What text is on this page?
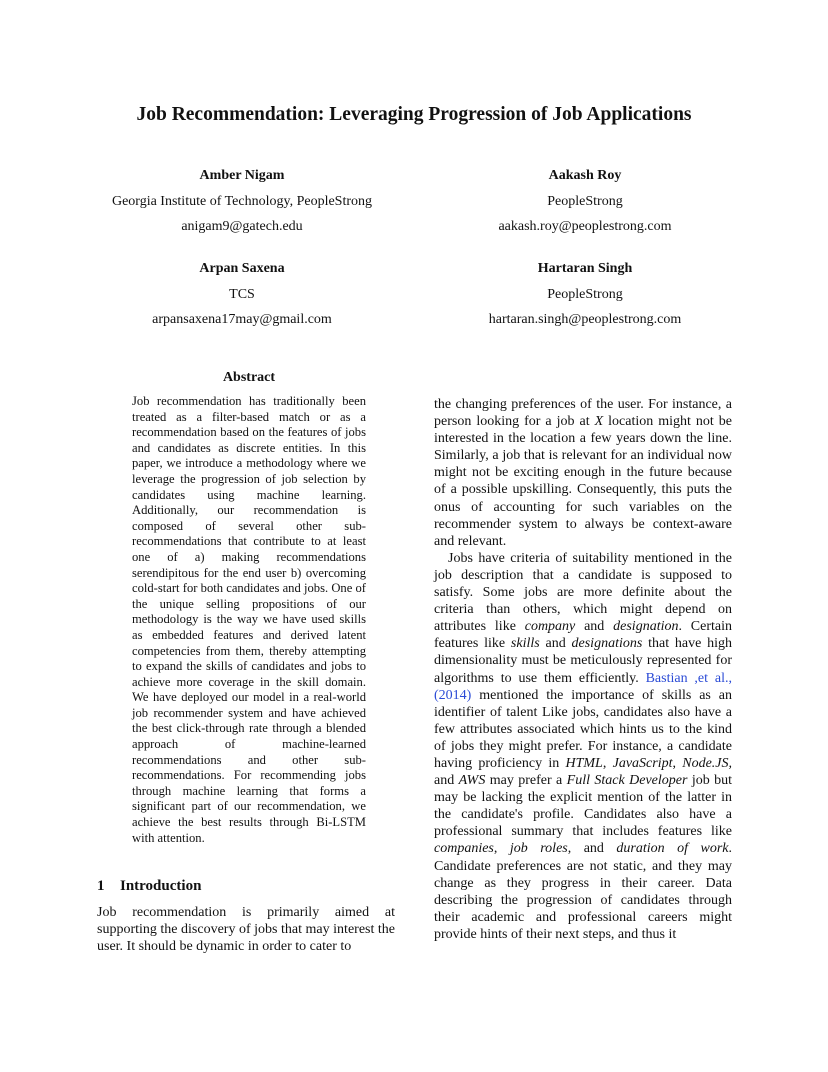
Job Recommendation: Leveraging Progression of Job Applications
Amber Nigam
Georgia Institute of Technology, PeopleStrong
anigam9@gatech.edu
Aakash Roy
PeopleStrong
aakash.roy@peoplestrong.com
Arpan Saxena
TCS
arpansaxena17may@gmail.com
Hartaran Singh
PeopleStrong
hartaran.singh@peoplestrong.com
Abstract
Job recommendation has traditionally been treated as a filter-based match or as a recommendation based on the features of jobs and candidates as discrete entities. In this paper, we introduce a methodology where we leverage the progression of job selection by candidates using machine learning. Additionally, our recommendation is composed of several other sub-recommendations that contribute to at least one of a) making recommendations serendipitous for the end user b) overcoming cold-start for both candidates and jobs. One of the unique selling propositions of our methodology is the way we have used skills as embedded features and derived latent competencies from them, thereby attempting to expand the skills of candidates and jobs to achieve more coverage in the skill domain. We have deployed our model in a real-world job recommender system and have achieved the best click-through rate through a blended approach of machine-learned recommendations and other sub-recommendations. For recommending jobs through machine learning that forms a significant part of our recommendation, we achieve the best results through Bi-LSTM with attention.
1 Introduction

Job recommendation is primarily aimed at supporting the discovery of jobs that may interest the user. It should be dynamic in order to cater to

the changing preferences of the user. For instance, a person looking for a job at X location might not be interested in the location a few years down the line. Similarly, a job that is relevant for an individual now might not be exciting enough in the future because of a possible upskilling. Consequently, this puts the onus of accounting for such variables on the recommender system to always be context-aware and relevant.

Jobs have criteria of suitability mentioned in the job description that a candidate is supposed to satisfy. Some jobs are more definite about the criteria than others, which might depend on attributes like company and designation. Certain features like skills and designations that have high dimensionality must be meticulously represented for algorithms to use them efficiently. Bastian ,et al., (2014) mentioned the importance of skills as an identifier of talent Like jobs, candidates also have a few attributes associated which hints us to the kind of jobs they might prefer. For instance, a candidate having proficiency in HTML, JavaScript, Node.JS, and AWS may prefer a Full Stack Developer job but may be lacking the explicit mention of the latter in the candidate's profile. Candidates also have a professional summary that includes features like companies, job roles, and duration of work. Candidate preferences are not static, and they may change as they progress in their career. Data describing the progression of candidates through their academic and professional careers might provide hints of their next steps, and thus it
